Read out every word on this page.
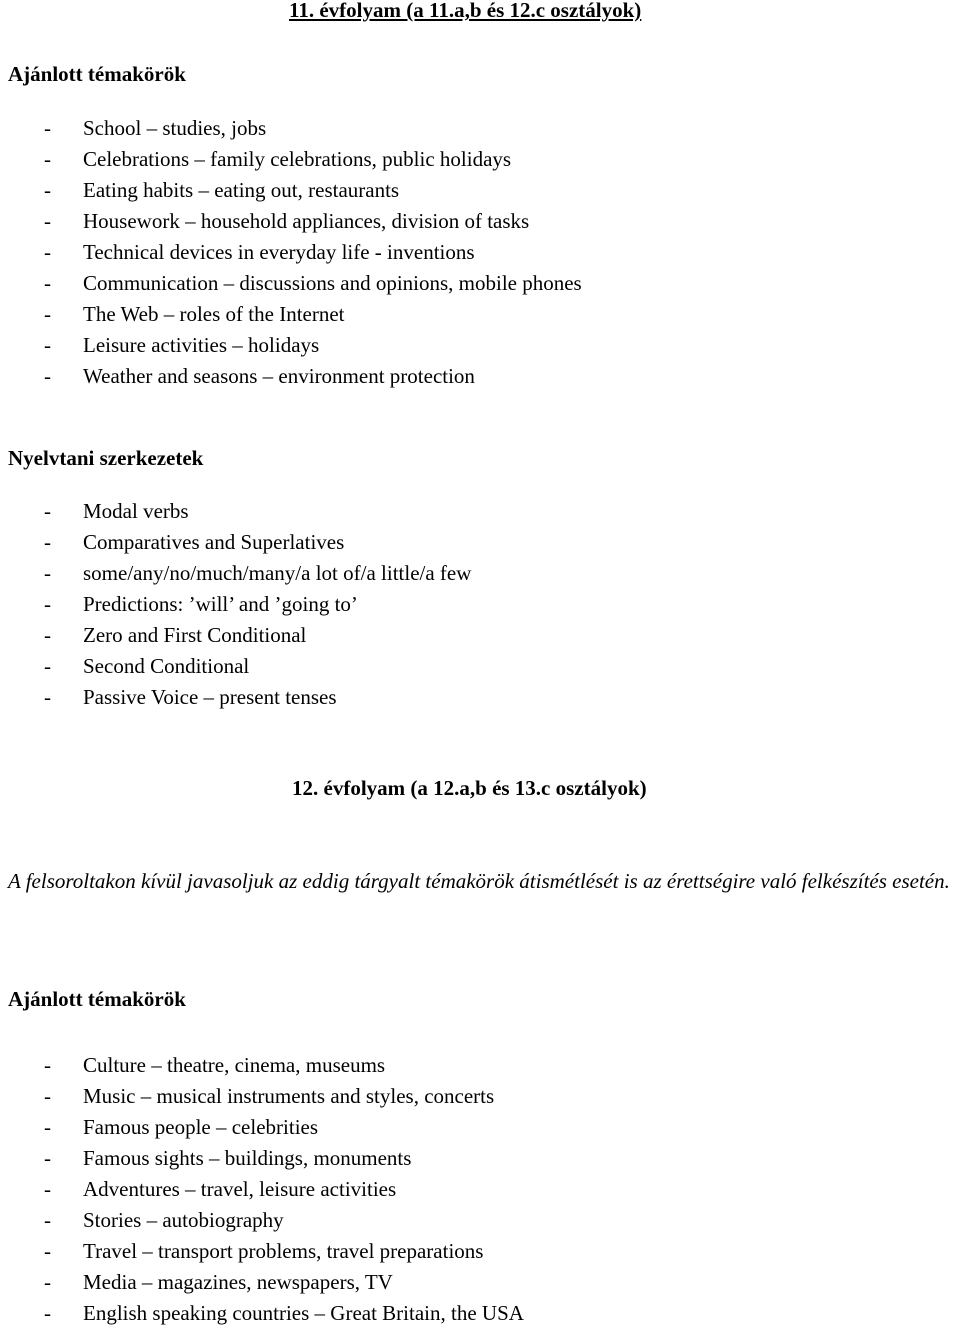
11. évfolyam (a 11.a,b és 12.c osztályok)
Ajánlott témakörök
- School – studies, jobs
- Celebrations – family celebrations, public holidays
- Eating habits – eating out, restaurants
- Housework – household appliances, division of tasks
- Technical devices in everyday life - inventions
- Communication – discussions and opinions, mobile phones
- The Web – roles of the Internet
- Leisure activities – holidays
- Weather and seasons – environment protection
Nyelvtani szerkezetek
- Modal verbs
- Comparatives and Superlatives
- some/any/no/much/many/a lot of/a little/a few
- Predictions: ’will’ and ’going to’
- Zero and First Conditional
- Second Conditional
- Passive Voice – present tenses
12. évfolyam (a 12.a,b és 13.c osztályok)
A felsoroltakon kívül javasoljuk az eddig tárgyalt témakörök átismétlését is az érettségire való felkészítés esetén.
Ajánlott témakörök
- Culture – theatre, cinema, museums
- Music – musical instruments and styles, concerts
- Famous people – celebrities
- Famous sights – buildings, monuments
- Adventures – travel, leisure activities
- Stories – autobiography
- Travel – transport problems, travel preparations
- Media – magazines, newspapers, TV
- English speaking countries – Great Britain, the USA
